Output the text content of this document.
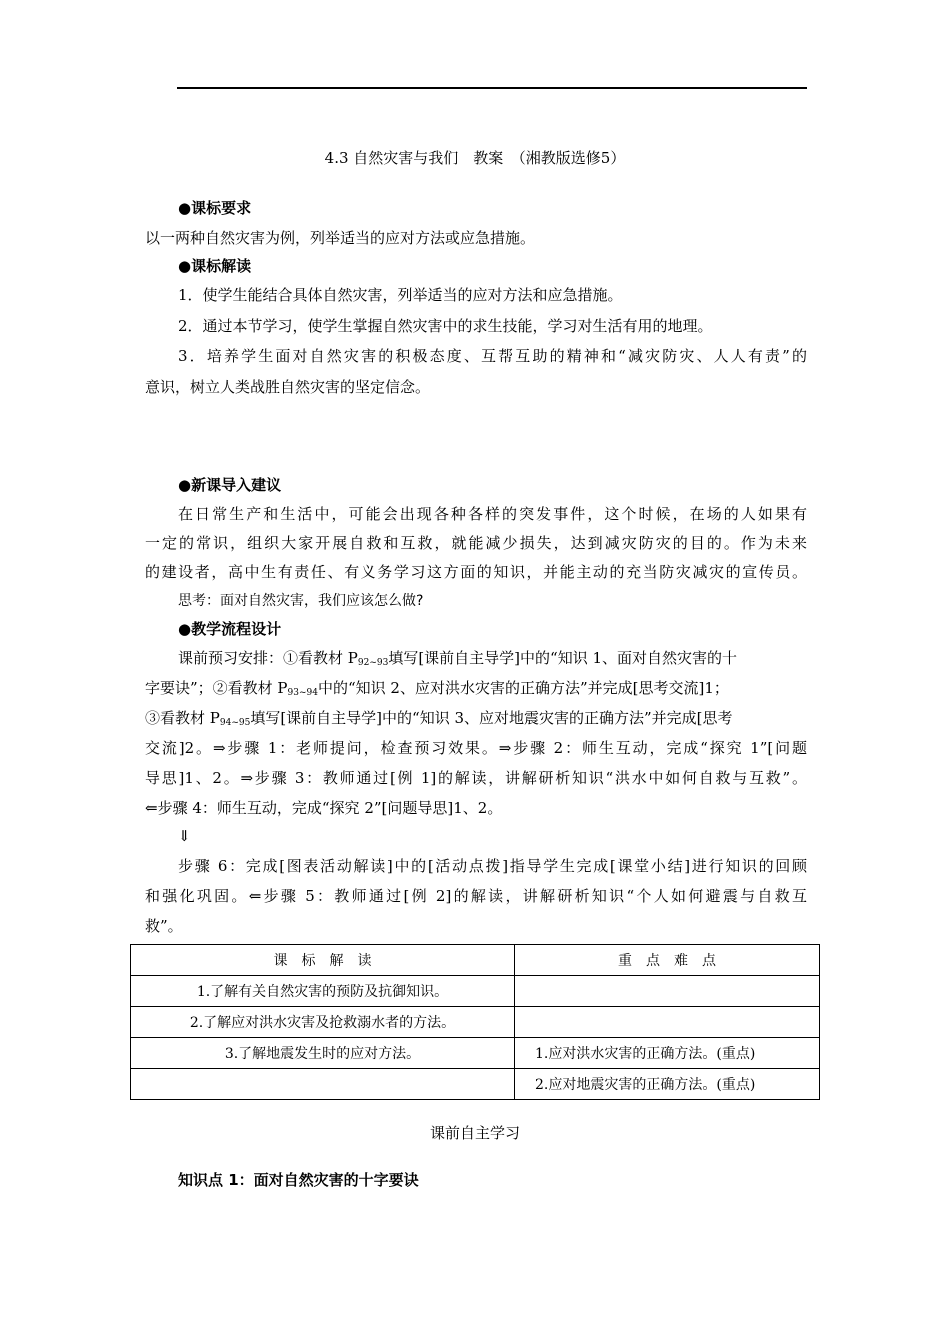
4.3 自然灾害与我们　教案　（湘教版选修5）
●课标要求
以一两种自然灾害为例，列举适当的应对方法或应急措施。
●课标解读
1．使学生能结合具体自然灾害，列举适当的应对方法和应急措施。
2．通过本节学习，使学生掌握自然灾害中的求生技能，学习对生活有用的地理。
3．培养学生面对自然灾害的积极态度、互帮互助的精神和“减灾防灾、人人有责”的
意识，树立人类战胜自然灾害的坚定信念。
●新课导入建议
在日常生产和生活中，可能会出现各种各样的突发事件，这个时候，在场的人如果有
一定的常识，组织大家开展自救和互救，就能减少损失，达到减灾防灾的目的。作为未来
的建设者，高中生有责任、有义务学习这方面的知识，并能主动的充当防灾减灾的宣传员。
思考：面对自然灾害，我们应该怎么做?
●教学流程设计
课前预习安排：①看教材 $P_{92\sim 93}$填写[课前自主导学]中的“知识 1、面对自然灾害的十
字要诀”；②看教材 $P_{93\sim 94}$中的“知识 2、应对洪水灾害的正确方法”并完成[思考交流]1；
③看教材 $P_{94\sim 95}$填写[课前自主导学]中的“知识 3、应对地震灾害的正确方法”并完成[思考
交流]2。⇒步骤 1：老师提问，检查预习效果。⇒步骤 2：师生互动，完成“探究 1”[问题
导思]1、2。⇒步骤 3：教师通过[例 1]的解读，讲解研析知识“洪水中如何自救与互救”。
⇐步骤 4：师生互动，完成“探究 2”[问题导思]1、2。
⇓
步骤 6：完成[图表活动解读]中的[活动点拨]指导学生完成[课堂小结]进行知识的回顾
和强化巩固。⇐步骤 5：教师通过[例 2]的解读，讲解研析知识“个人如何避震与自救互
救”。
课　标　解　读	重　点　难　点
1.了解有关自然灾害的预防及抗御知识。	
2.了解应对洪水灾害及抢救溺水者的方法。	
3.了解地震发生时的应对方法。	1.应对洪水灾害的正确方法。(重点)
	2.应对地震灾害的正确方法。(重点)
课前自主学习
知识点 1：面对自然灾害的十字要诀
